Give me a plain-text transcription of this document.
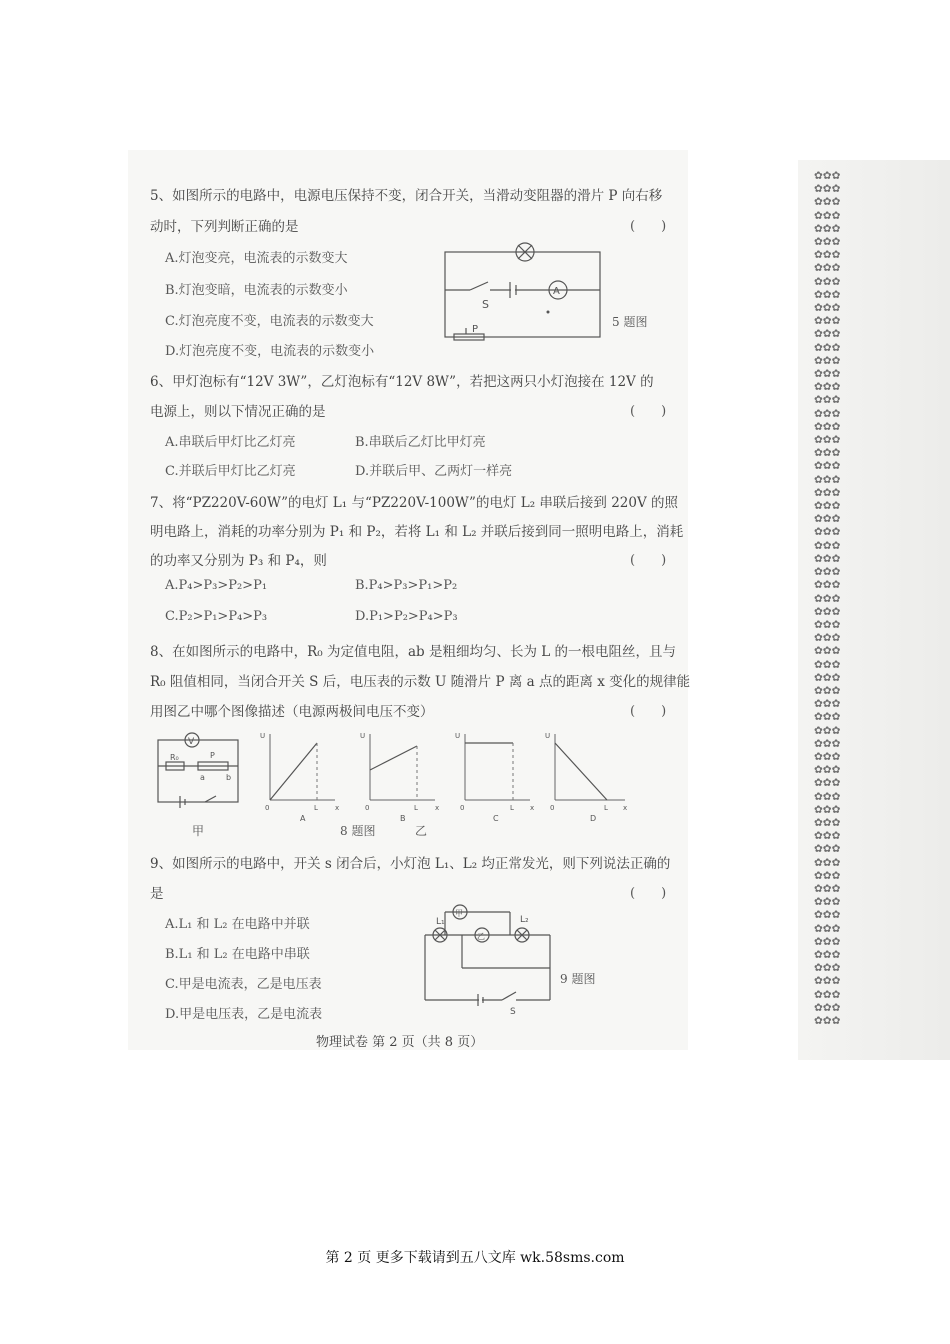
5、如图所示的电路中，电源电压保持不变，闭合开关，当滑动变阻器的滑片 P 向右移
动时，下列判断正确的是	(　　)
A.灯泡变亮，电流表的示数变大
B.灯泡变暗，电流表的示数变小
C.灯泡亮度不变，电流表的示数变大
D.灯泡亮度不变，电流表的示数变小
A
S
P
5 题图
6、甲灯泡标有“12V 3W”，乙灯泡标有“12V 8W”，若把这两只小灯泡接在 12V 的
电源上，则以下情况正确的是	(　　)
A.串联后甲灯比乙灯亮	B.串联后乙灯比甲灯亮
C.并联后甲灯比乙灯亮	D.并联后甲、乙两灯一样亮
7、将“PZ220V-60W”的电灯 L₁ 与“PZ220V-100W”的电灯 L₂ 串联后接到 220V 的照
明电路上，消耗的功率分别为 P₁ 和 P₂，若将 L₁ 和 L₂ 并联后接到同一照明电路上，消耗
的功率又分别为 P₃ 和 P₄，则	(　　)
A.P₄>P₃>P₂>P₁	B.P₄>P₃>P₁>P₂
C.P₂>P₁>P₄>P₃	D.P₁>P₂>P₄>P₃
8、在如图所示的电路中，R₀ 为定值电阻，ab 是粗细均匀、长为 L 的一根电阻丝，且与
R₀ 阻值相同，当闭合开关 S 后，电压表的示数 U 随滑片 P 离 a 点的距离 x 变化的规律能
用图乙中哪个图像描述（电源两极间电压不变）	(　　)
V
R₀	P
a	b
甲
U
0	L x
A
U
0	L x
B
U
0	L x
C
U
0	L x
D
8 题图	乙
9、如图所示的电路中，开关 s 闭合后，小灯泡 L₁、L₂ 均正常发光，则下列说法正确的
是	(　　)
A.L₁ 和 L₂ 在电路中并联
B.L₁ 和 L₂ 在电路中串联
C.甲是电流表，乙是电压表
D.甲是电压表，乙是电流表
甲
L₁
乙
L₂
S
9 题图
物理试卷 第 2 页（共 8 页）
✿✿✿
✿✿✿
✿✿✿
✿✿✿
✿✿✿
✿✿✿
✿✿✿
✿✿✿
✿✿✿
✿✿✿
✿✿✿
✿✿✿
✿✿✿
✿✿✿
✿✿✿
✿✿✿
✿✿✿
✿✿✿
✿✿✿
✿✿✿
✿✿✿
✿✿✿
✿✿✿
✿✿✿
✿✿✿
✿✿✿
✿✿✿
✿✿✿
✿✿✿
✿✿✿
✿✿✿
✿✿✿
✿✿✿
✿✿✿
✿✿✿
✿✿✿
✿✿✿
✿✿✿
✿✿✿
✿✿✿
✿✿✿
✿✿✿
✿✿✿
✿✿✿
✿✿✿
✿✿✿
✿✿✿
✿✿✿
✿✿✿
✿✿✿
✿✿✿
✿✿✿
✿✿✿
✿✿✿
✿✿✿
✿✿✿
✿✿✿
✿✿✿
✿✿✿
✿✿✿
✿✿✿
✿✿✿
✿✿✿
✿✿✿
✿✿✿
第 2 页 更多下载请到五八文库 wk.58sms.com
